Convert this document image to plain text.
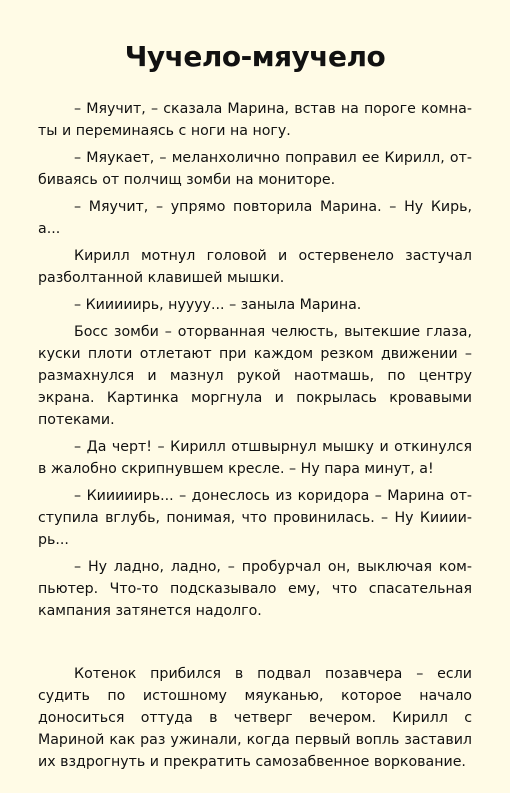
Чучело-мяучело

– Мяучит, – сказала Марина, встав на пороге комнаты и переминаясь с ноги на ногу.

– Мяукает, – меланхолично поправил ее Кирилл, отбиваясь от полчищ зомби на мониторе.

– Мяучит, – упрямо повторила Марина. – Ну Кирь, а...

Кирилл мотнул головой и остервенело застучал разболтанной клавишей мышки.

– Кииииирь, нуууу... – заныла Марина.

Босс зомби – оторванная челюсть, вытекшие глаза, куски плоти отлетают при каждом резком движении – размахнулся и мазнул рукой наотмашь, по центру экрана. Картинка моргнула и покрылась кровавыми потеками.

– Да черт! – Кирилл отшвырнул мышку и откинулся в жалобно скрипнувшем кресле. – Ну пара минут, а!

– Кииииирь... – донеслось из коридора – Марина отступила вглубь, понимая, что провинилась. – Ну Киииирь...

– Ну ладно, ладно, – пробурчал он, выключая компьютер. Что-то подсказывало ему, что спасательная кампания затянется надолго.

Котенок прибился в подвал позавчера – если судить по истошному мяуканью, которое начало доноситься оттуда в четверг вечером. Кирилл с Мариной как раз ужинали, когда первый вопль заставил их вздрогнуть и прекратить самозабвенное воркование.
